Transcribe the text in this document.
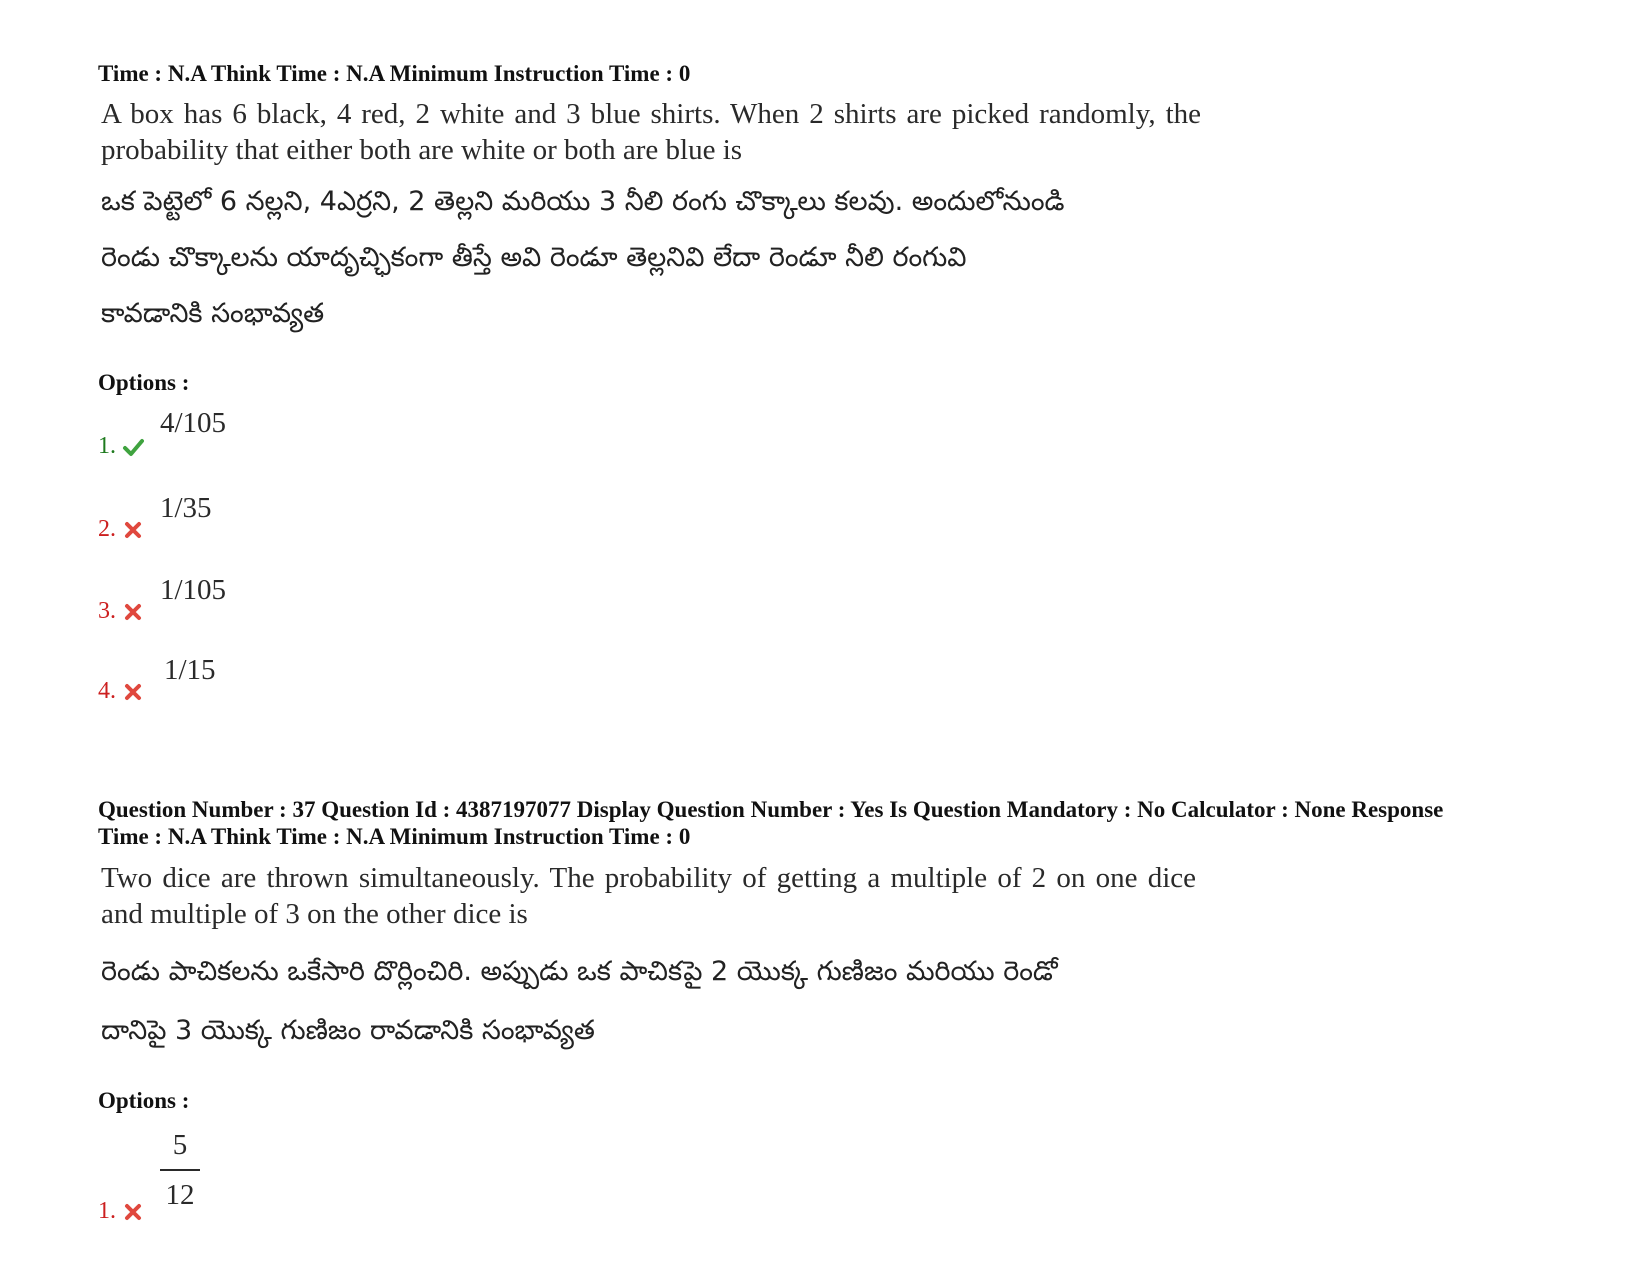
Time : N.A Think Time : N.A Minimum Instruction Time : 0
A box has 6 black, 4 red, 2 white and 3 blue shirts. When 2 shirts are picked randomly, the probability that either both are white or both are blue is
ఒక పెట్టెలో 6 నల్లని, 4ఎర్రని, 2 తెల్లని మరియు 3 నీలి రంగు చొక్కాలు కలవు. అందులోనుండి
రెండు చొక్కాలను యాదృచ్ఛికంగా తీస్తే అవి రెండూ తెల్లనివి లేదా రెండూ నీలి రంగువి
కావడానికి సంభావ్యత
Options :
1.
4/105
2.
1/35
3.
1/105
4.
1/15
Question Number : 37 Question Id : 4387197077 Display Question Number : Yes Is Question Mandatory : No Calculator : None Response
Time : N.A Think Time : N.A Minimum Instruction Time : 0
Two dice are thrown simultaneously. The probability of getting a multiple of 2 on one dice and multiple of 3 on the other dice is
రెండు పాచికలను ఒకేసారి దొర్లించిరి. అప్పుడు ఒక పాచికపై 2 యొక్క గుణిజం మరియు రెండో
దానిపై 3 యొక్క గుణిజం రావడానికి సంభావ్యత
Options :
1.
5
12
